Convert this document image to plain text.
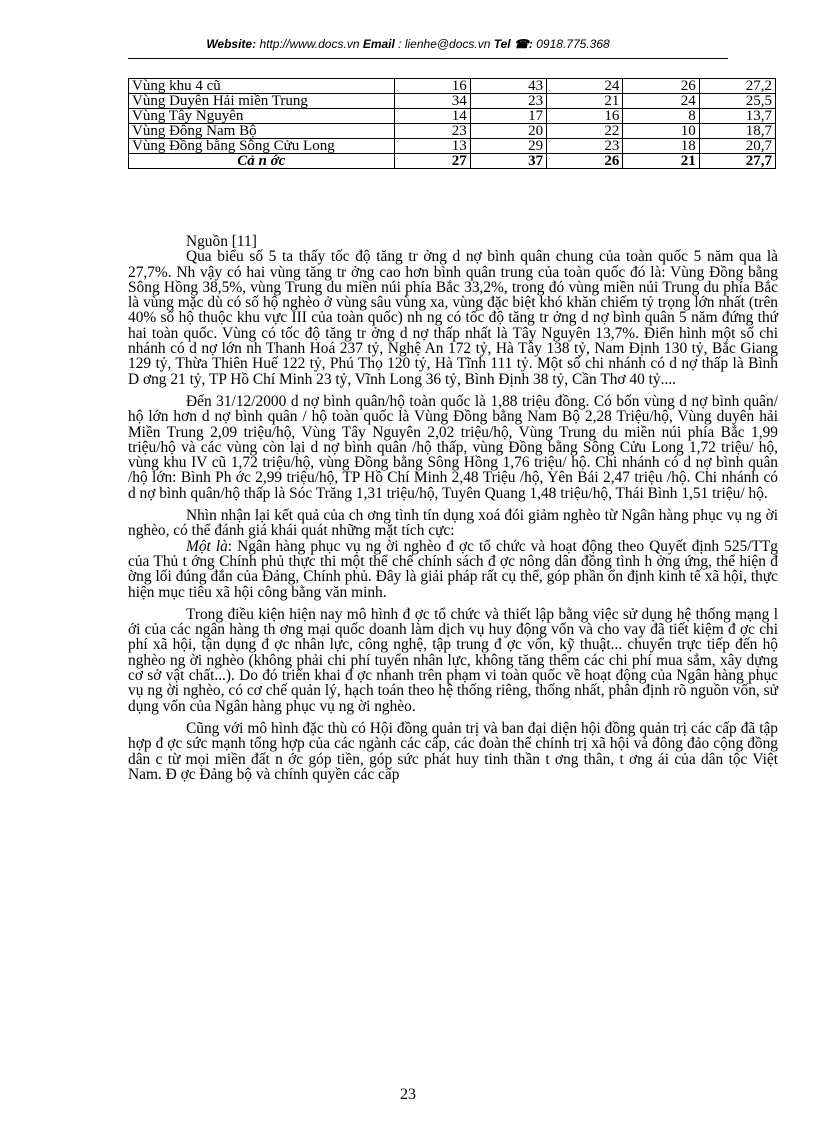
Website: http://www.docs.vn Email : lienhe@docs.vn Tel ☎: 0918.775.368
Vùng khu 4 cũ	16	43	24	26	27,2
Vùng Duyên Hải miền Trung	34	23	21	24	25,5
Vùng Tây Nguyên	14	17	16	8	13,7
Vùng Đông Nam Bộ	23	20	22	10	18,7
Vùng Đồng bằng Sông Cửu Long	13	29	23	18	20,7
Cả n ớc	27	37	26	21	27,7

Nguồn [11]

Qua biểu số 5 ta thấy tốc độ tăng tr ởng d nợ bình quân chung của toàn quốc 5 năm qua là 27,7%. Nh vậy có hai vùng tăng tr ởng cao hơn bình quân trung của toàn quốc đó là: Vùng Đồng bằng Sông Hồng 38,5%, vùng Trung du miền núi phía Bắc 33,2%, trong đó vùng miền núi Trung du phía Bắc là vùng mặc dù có số hộ nghèo ở vùng sâu vùng xa, vùng đặc biệt khó khăn chiếm tỷ trọng lớn nhất (trên 40% số hộ thuộc khu vực III của toàn quốc) nh ng có tốc độ tăng tr ởng d nợ bình quân 5 năm đứng thứ hai toàn quốc. Vùng có tốc độ tăng tr ởng d nợ thấp nhất là Tây Nguyên 13,7%. Điển hình một số chi nhánh có d nợ lớn nh Thanh Hoá 237 tỷ, Nghệ An 172 tỷ, Hà Tây 138 tỷ, Nam Định 130 tỷ, Bắc Giang 129 tỷ, Thừa Thiên Huế 122 tỷ, Phú Thọ 120 tỷ, Hà Tĩnh 111 tỷ. Một số chi nhánh có d nợ thấp là Bình D ơng 21 tỷ, TP Hồ Chí Minh 23 tỷ, Vĩnh Long 36 tỷ, Bình Định 38 tỷ, Cần Thơ 40 tỷ....

Đến 31/12/2000 d nợ bình quân/hộ toàn quốc là 1,88 triệu đồng. Có bốn vùng d nợ bình quân/ hộ lớn hơn d nợ bình quân / hộ toàn quốc là Vùng Đồng bằng Nam Bộ 2,28 Triệu/hộ, Vùng duyên hải Miền Trung 2,09 triệu/hộ, Vùng Tây Nguyên 2,02 triệu/hộ, Vùng Trung du miền núi phía Bắc 1,99 triệu/hộ và các vùng còn lại d nợ bình quân /hộ thấp, vùng Đồng bằng Sông Cửu Long 1,72 triệu/ hộ, vùng khu IV cũ 1,72 triệu/hộ, vùng Đồng bằng Sông Hồng 1,76 triệu/ hộ. Chi nhánh có d nợ bình quân /hộ lớn: Bình Ph ớc 2,99 triệu/hộ, TP Hồ Chí Minh 2,48 Triệu /hộ, Yên Bái 2,47 triệu /hộ. Chi nhánh có d nợ bình quân/hộ thấp là Sóc Trăng 1,31 triệu/hộ, Tuyên Quang 1,48 triệu/hộ, Thái Bình 1,51 triệu/ hộ.

Nhìn nhận lại kết quả của ch ơng tình tín dụng xoá đói giảm nghèo từ Ngân hàng phục vụ ng ời nghèo, có thể đánh giá khái quát những mặt tích cực:

Một là: Ngân hàng phục vụ ng ời nghèo đ ợc tổ chức và hoạt động theo Quyết định 525/TTg của Thủ t ớng Chính phủ thực thi một thể chế chính sách đ ợc nông dân đồng tình h ởng ứng, thể hiện đ ờng lối đúng đắn của Đảng, Chính phủ. Đây là giải pháp rất cụ thể, góp phần ổn định kinh tế xã hội, thực hiện mục tiêu xã hội công bằng văn minh.

Trong điều kiện hiện nay mô hình đ ợc tổ chức và thiết lập bằng việc sử dụng hệ thống mạng l ới của các ngân hàng th ơng mại quốc doanh làm dịch vụ huy động vốn và cho vay đã tiết kiệm đ ợc chi phí xã hội, tận dụng đ ợc nhân lực, công nghệ, tập trung đ ợc vốn, kỹ thuật... chuyển trực tiếp đến hộ nghèo ng ời nghèo (không phải chi phí tuyển nhân lực, không tăng thêm các chi phí mua sắm, xây dựng cơ sở vật chất...). Do đó triển khai đ ợc nhanh trên phạm vi toàn quốc về hoạt động của Ngân hàng phục vụ ng ời nghèo, có cơ chế quản lý, hạch toán theo hệ thống riêng, thống nhất, phân định rõ nguồn vốn, sử dụng vốn của Ngân hàng phục vụ ng ời nghèo.

Cũng với mô hình đặc thù có Hội đồng quản trị và ban đại diện hội đồng quản trị các cấp đã tập hợp đ ợc sức mạnh tổng hợp của các ngành các cấp, các đoàn thể chính trị xã hội và đông đảo cộng đồng dân c từ mọi miền đất n ớc góp tiền, góp sức phát huy tinh thần t ơng thân, t ơng ái của dân tộc Việt Nam. Đ ợc Đảng bộ và chính quyền các cấp

23
